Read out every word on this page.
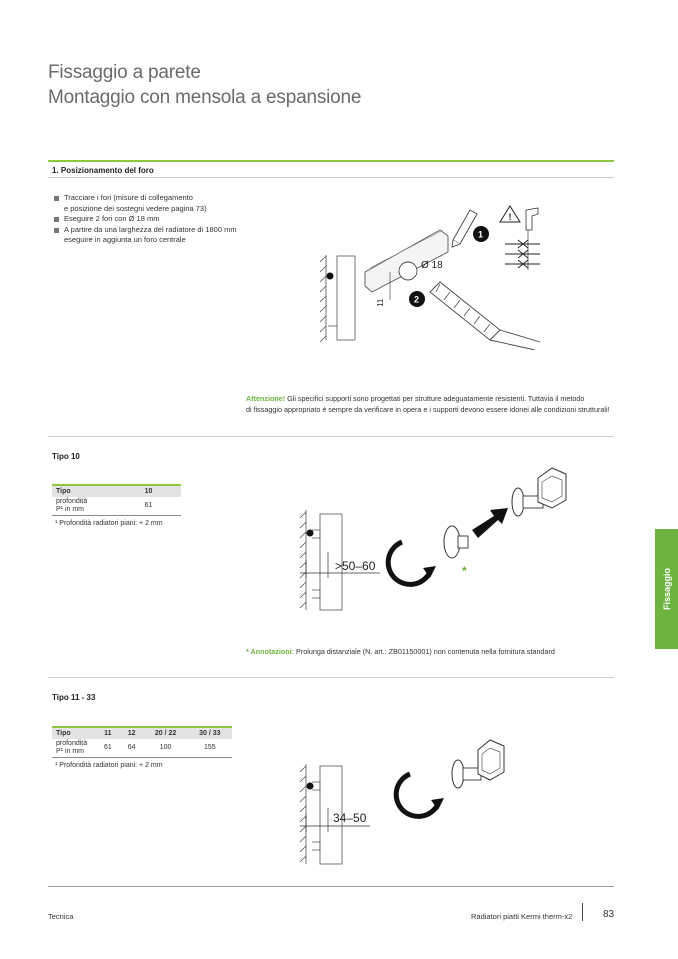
Fissaggio a parete
Montaggio con mensola a espansione
1. Posizionamento del foro
Tracciare i fori (misure di collegamento
e posizione dei sostegni vedere pagina 73)
Eseguire 2 fori con Ø 18 mm
A partire da una larghezza del radiatore di 1800 mm
eseguire in aggiunta un foro centrale
11
Ø 18
1
2
!
Attenzione! Gli specifici supporti sono progettati per strutture adeguatamente resistenti. Tuttavia il metodo
di fissaggio appropriato è sempre da verificare in opera e i supporti devono essere idonei alle condizioni strutturali!
Tipo 10
Tipo	10

profondità
P¹ in mm	61
¹ Profondità radiatori piani: + 2 mm
>50–60	*
* Annotazioni: Prolunga distanziale (N. art.: ZB01150001) non contenuta nella fornitura standard
Tipo 11 - 33
Tipo	11	12	20 / 22	30 / 33

profondità
P¹ in mm	61	64	100	155
¹ Profondità radiatori piani: + 2 mm
34–50
Fissaggio
Tecnica	Radiatori piatti Kermi therm-x2	83
